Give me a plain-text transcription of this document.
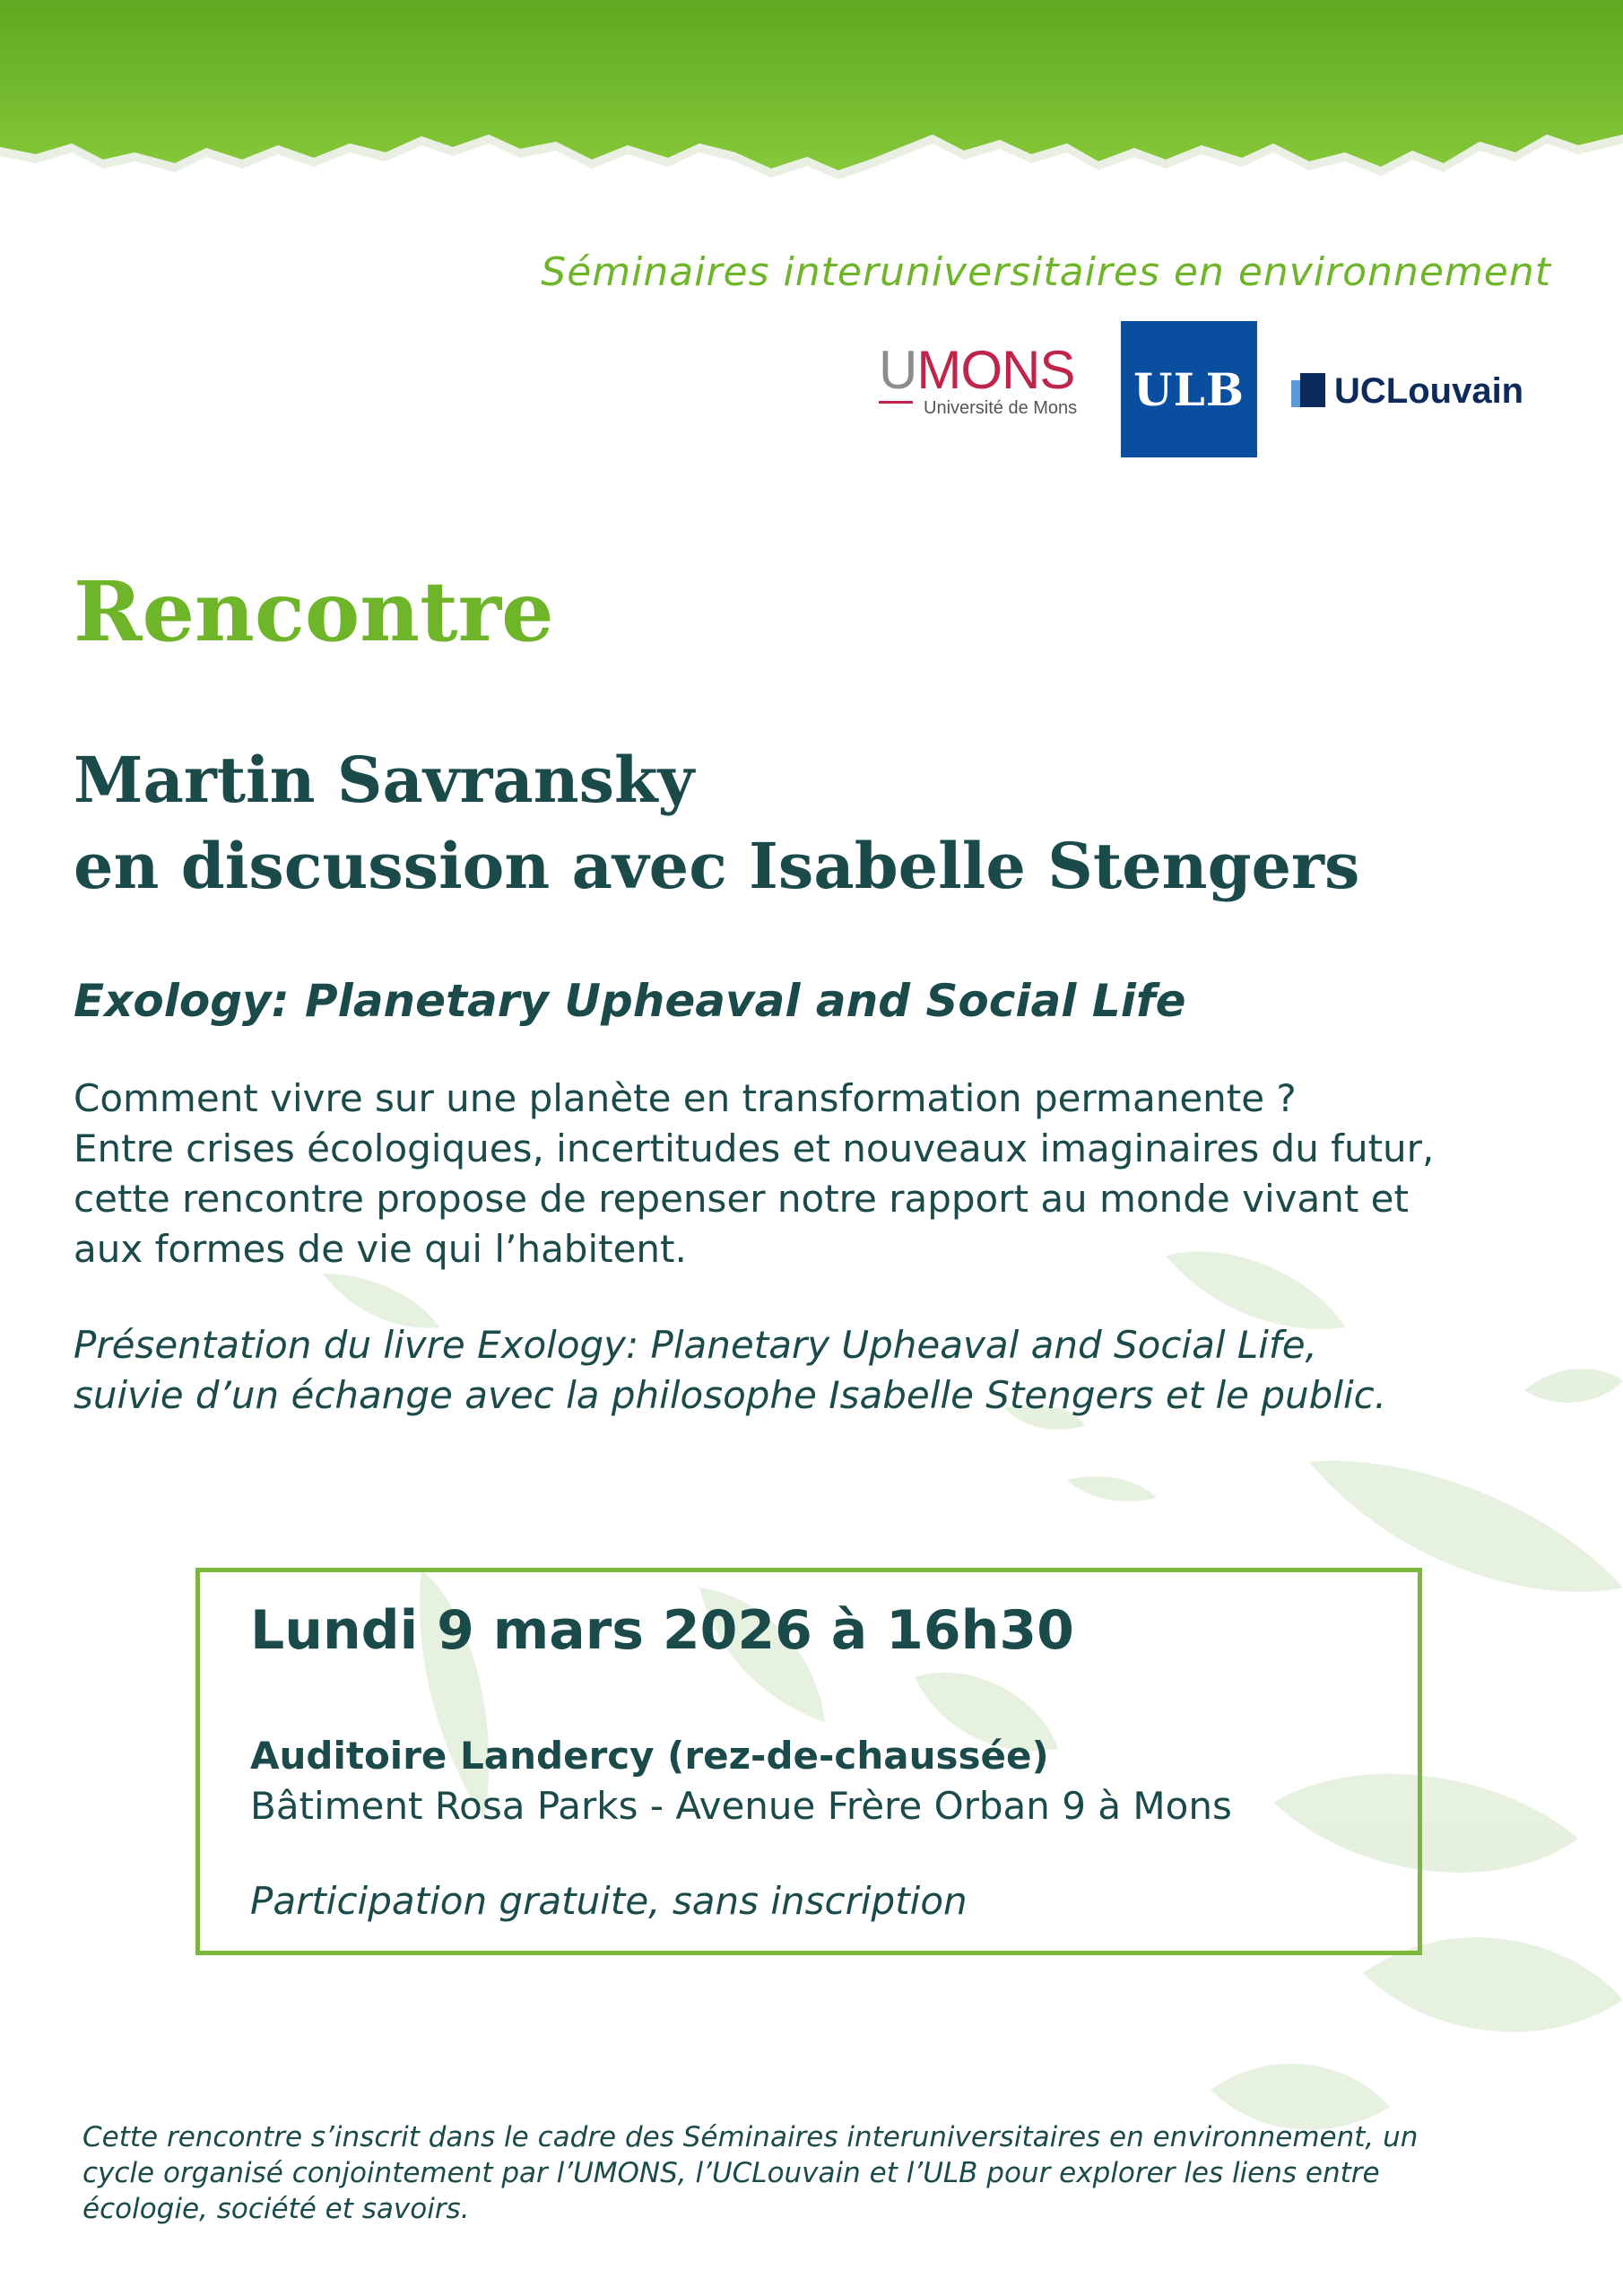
Séminaires interuniversitaires en environnement
UMONS
Université de Mons	ULB UCLouvain
Rencontre
Martin Savransky
en discussion avec Isabelle Stengers
Exology: Planetary Upheaval and Social Life
Comment vivre sur une planète en transformation permanente ?
Entre crises écologiques, incertitudes et nouveaux imaginaires du futur,
cette rencontre propose de repenser notre rapport au monde vivant et
aux formes de vie qui l’habitent.
Présentation du livre Exology: Planetary Upheaval and Social Life,
suivie d’un échange avec la philosophe Isabelle Stengers et le public.
Lundi 9 mars 2026 à 16h30
Auditoire Landercy (rez-de-chaussée)
Bâtiment Rosa Parks - Avenue Frère Orban 9 à Mons
Participation gratuite, sans inscription
Cette rencontre s’inscrit dans le cadre des Séminaires interuniversitaires en environnement, un
cycle organisé conjointement par l’UMONS, l’UCLouvain et l’ULB pour explorer les liens entre
écologie, société et savoirs.
